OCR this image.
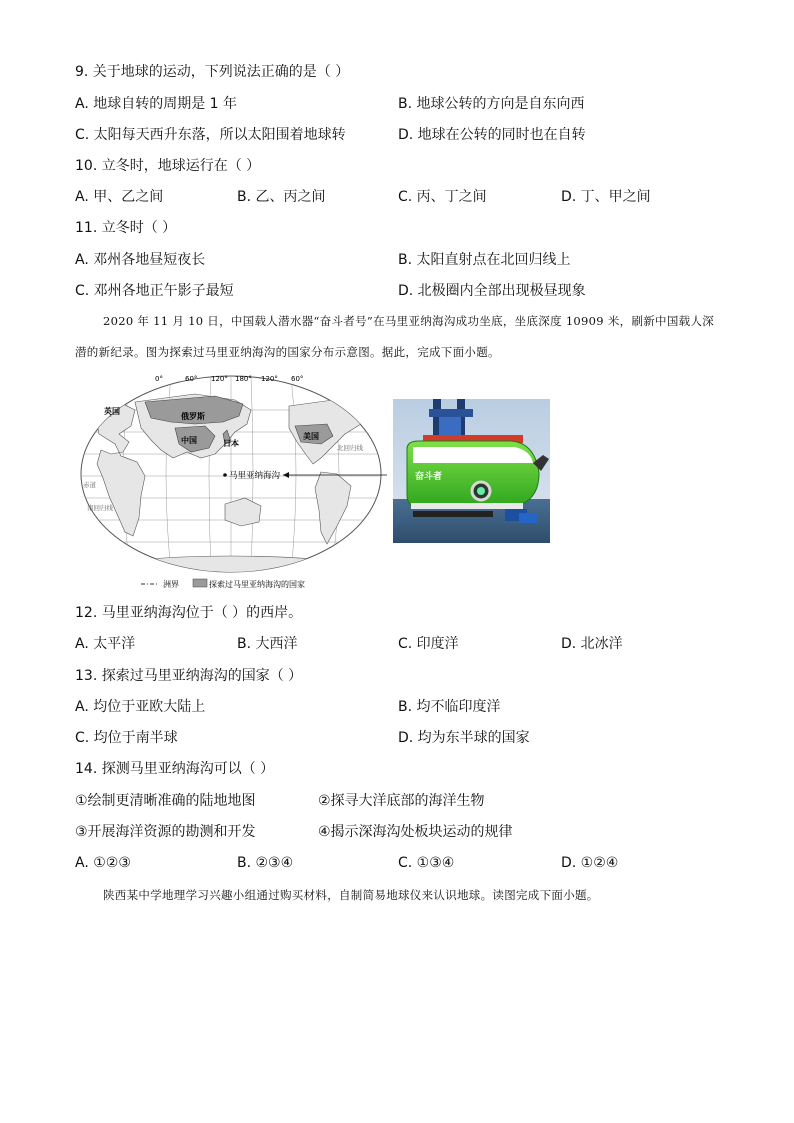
9. 关于地球的运动，下列说法正确的是（ ）
A. 地球自转的周期是 1 年	B. 地球公转的方向是自东向西
C. 太阳每天西升东落，所以太阳围着地球转	D. 地球在公转的同时也在自转
10. 立冬时，地球运行在（ ）
A. 甲、乙之间	B. 乙、丙之间	C. 丙、丁之间	D. 丁、甲之间
11. 立冬时（ ）
A. 邓州各地昼短夜长	B. 太阳直射点在北回归线上
C. 邓州各地正午影子最短	D. 北极圈内全部出现极昼现象
2020 年 11 月 10 日，中国载人潜水器“奋斗者号”在马里亚纳海沟成功坐底，坐底深度 10909 米，刷新中国载人深潜的新纪录。图为探索过马里亚纳海沟的国家分布示意图。据此，完成下面小题。
0°	60° 120° 180° 120° 60°
英国
俄罗斯
中国	日本
美国
北回归线
赤道
南回归线
马里亚纳海沟
洲界	探索过马里亚纳海沟的国家
奋斗者
12. 马里亚纳海沟位于（ ）的西岸。
A. 太平洋	B. 大西洋	C. 印度洋	D. 北冰洋
13. 探索过马里亚纳海沟的国家（ ）
A. 均位于亚欧大陆上	B. 均不临印度洋
C. 均位于南半球	D. 均为东半球的国家
14. 探测马里亚纳海沟可以（ ）
①绘制更清晰准确的陆地地图	②探寻大洋底部的海洋生物
③开展海洋资源的勘测和开发	④揭示深海沟处板块运动的规律
A. ①②③	B. ②③④	C. ①③④	D. ①②④
陕西某中学地理学习兴趣小组通过购买材料，自制简易地球仪来认识地球。读图完成下面小题。
